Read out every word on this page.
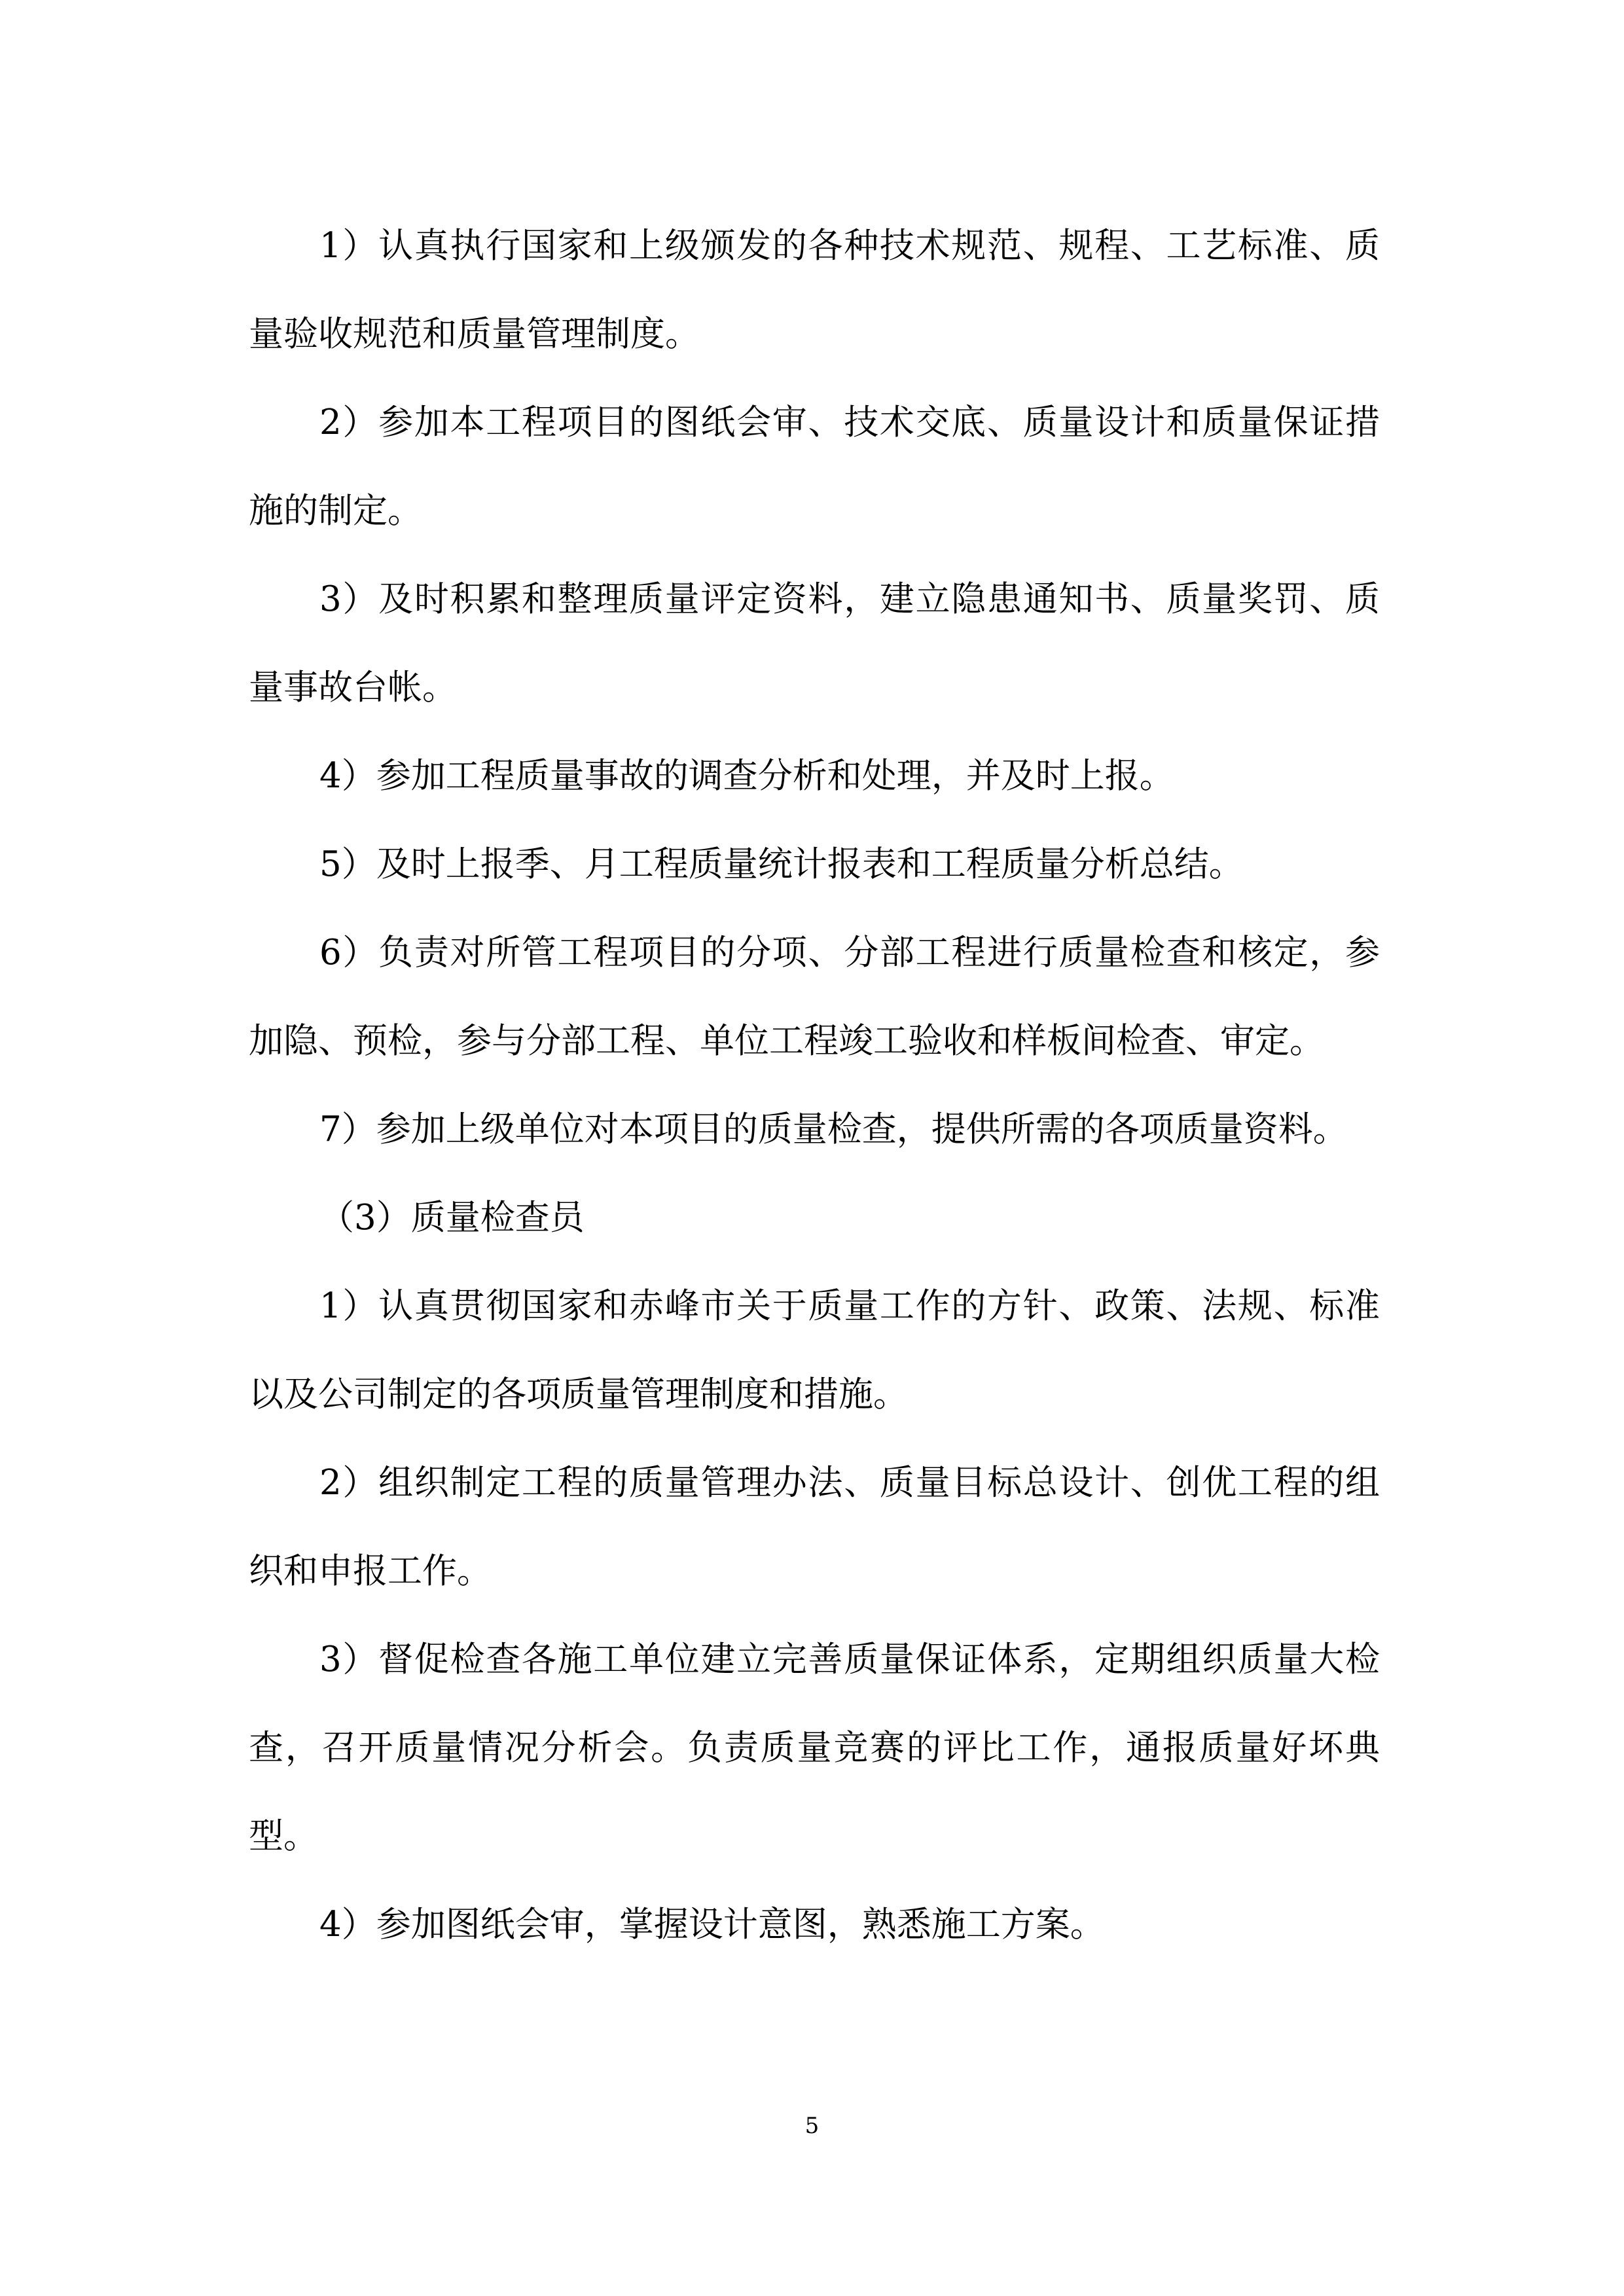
1）认真执行国家和上级颁发的各种技术规范、规程、工艺标准、质量验收规范和质量管理制度。

2）参加本工程项目的图纸会审、技术交底、质量设计和质量保证措施的制定。

3）及时积累和整理质量评定资料，建立隐患通知书、质量奖罚、质量事故台帐。

4）参加工程质量事故的调查分析和处理，并及时上报。

5）及时上报季、月工程质量统计报表和工程质量分析总结。

6）负责对所管工程项目的分项、分部工程进行质量检查和核定，参加隐、预检，参与分部工程、单位工程竣工验收和样板间检查、审定。

7）参加上级单位对本项目的质量检查，提供所需的各项质量资料。

（3）质量检查员

1）认真贯彻国家和赤峰市关于质量工作的方针、政策、法规、标准以及公司制定的各项质量管理制度和措施。

2）组织制定工程的质量管理办法、质量目标总设计、创优工程的组织和申报工作。

3）督促检查各施工单位建立完善质量保证体系，定期组织质量大检查，召开质量情况分析会。负责质量竞赛的评比工作，通报质量好坏典型。

4）参加图纸会审，掌握设计意图，熟悉施工方案。

5
